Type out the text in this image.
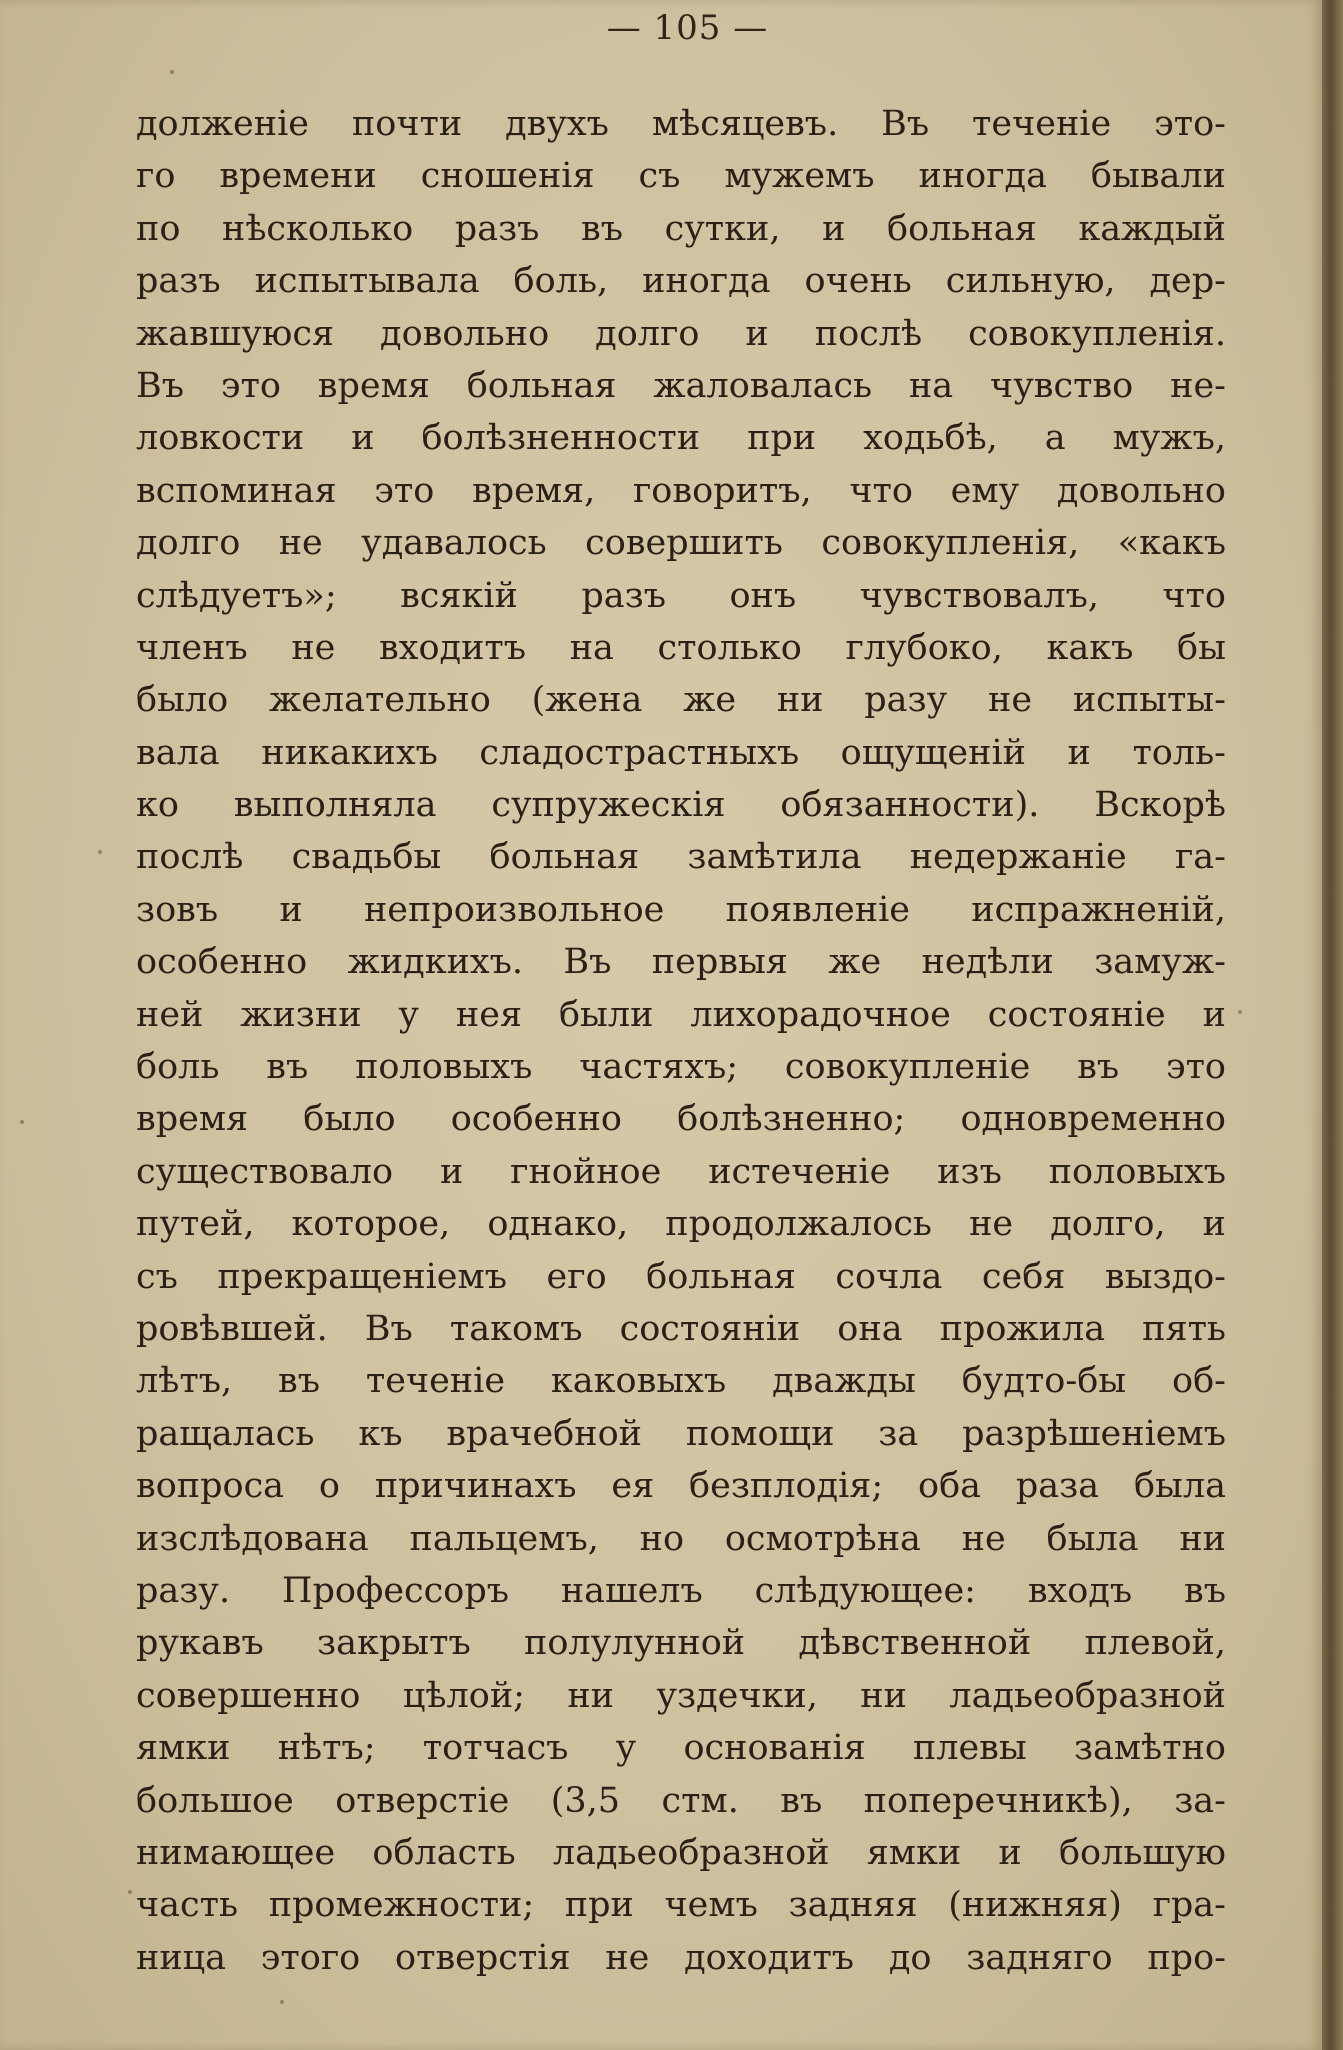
— 105 —
долженіе почти двухъ мѣсяцевъ. Въ теченіе это-
го времени сношенія съ мужемъ иногда бывали
по нѣсколько разъ въ сутки, и больная каждый
разъ испытывала боль, иногда очень сильную, дер-
жавшуюся довольно долго и послѣ совокупленія.
Въ это время больная жаловалась на чувство не-
ловкости и болѣзненности при ходьбѣ, а мужъ,
вспоминая это время, говоритъ, что ему довольно
долго не удавалось совершить совокупленія, «какъ
слѣдуетъ»; всякій разъ онъ чувствовалъ, что
членъ не входитъ на столько глубоко, какъ бы
было желательно (жена же ни разу не испыты-
вала никакихъ сладострастныхъ ощущеній и толь-
ко выполняла супружескія обязанности). Вскорѣ
послѣ свадьбы больная замѣтила недержаніе га-
зовъ и непроизвольное появленіе испражненій,
особенно жидкихъ. Въ первыя же недѣли замуж-
ней жизни у нея были лихорадочное состояніе и
боль въ половыхъ частяхъ; совокупленіе въ это
время было особенно болѣзненно; одновременно
существовало и гнойное истеченіе изъ половыхъ
путей, которое, однако, продолжалось не долго, и
съ прекращеніемъ его больная сочла себя выздо-
ровѣвшей. Въ такомъ состояніи она прожила пять
лѣтъ, въ теченіе каковыхъ дважды будто-бы об-
ращалась къ врачебной помощи за разрѣшеніемъ
вопроса о причинахъ ея безплодія; оба раза была
изслѣдована пальцемъ, но осмотрѣна не была ни
разу. Профессоръ нашелъ слѣдующее: входъ въ
рукавъ закрытъ полулунной дѣвственной плевой,
совершенно цѣлой; ни уздечки, ни ладьеобразной
ямки нѣтъ; тотчасъ у основанія плевы замѣтно
большое отверстіе (3,5 стм. въ поперечникѣ), за-
нимающее область ладьеобразной ямки и большую
часть промежности; при чемъ задняя (нижняя) гра-
ница этого отверстія не доходитъ до задняго про-
